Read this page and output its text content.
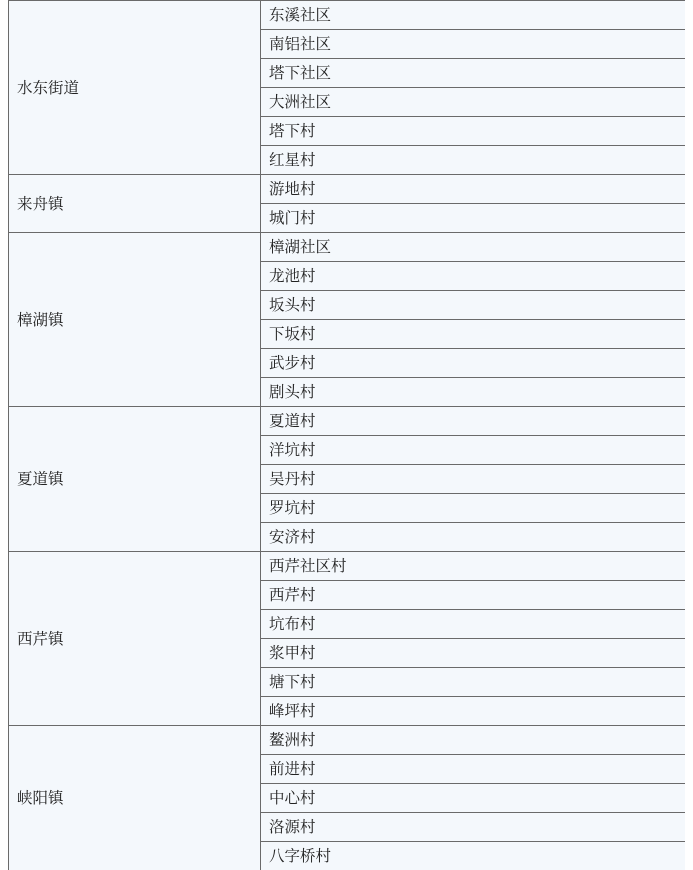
水东街道	东溪社区
	南铝社区
	塔下社区
	大洲社区
	塔下村
	红星村
来舟镇	游地村
	城门村
樟湖镇	樟湖社区
	龙池村
	坂头村
	下坂村
	武步村
	剧头村
夏道镇	夏道村
	洋坑村
	吴丹村
	罗坑村
	安济村
西芹镇	西芹社区村
	西芹村
	坑布村
	浆甲村
	塘下村
	峰坪村
峡阳镇	鳌洲村
	前进村
	中心村
	洛源村
	八字桥村
